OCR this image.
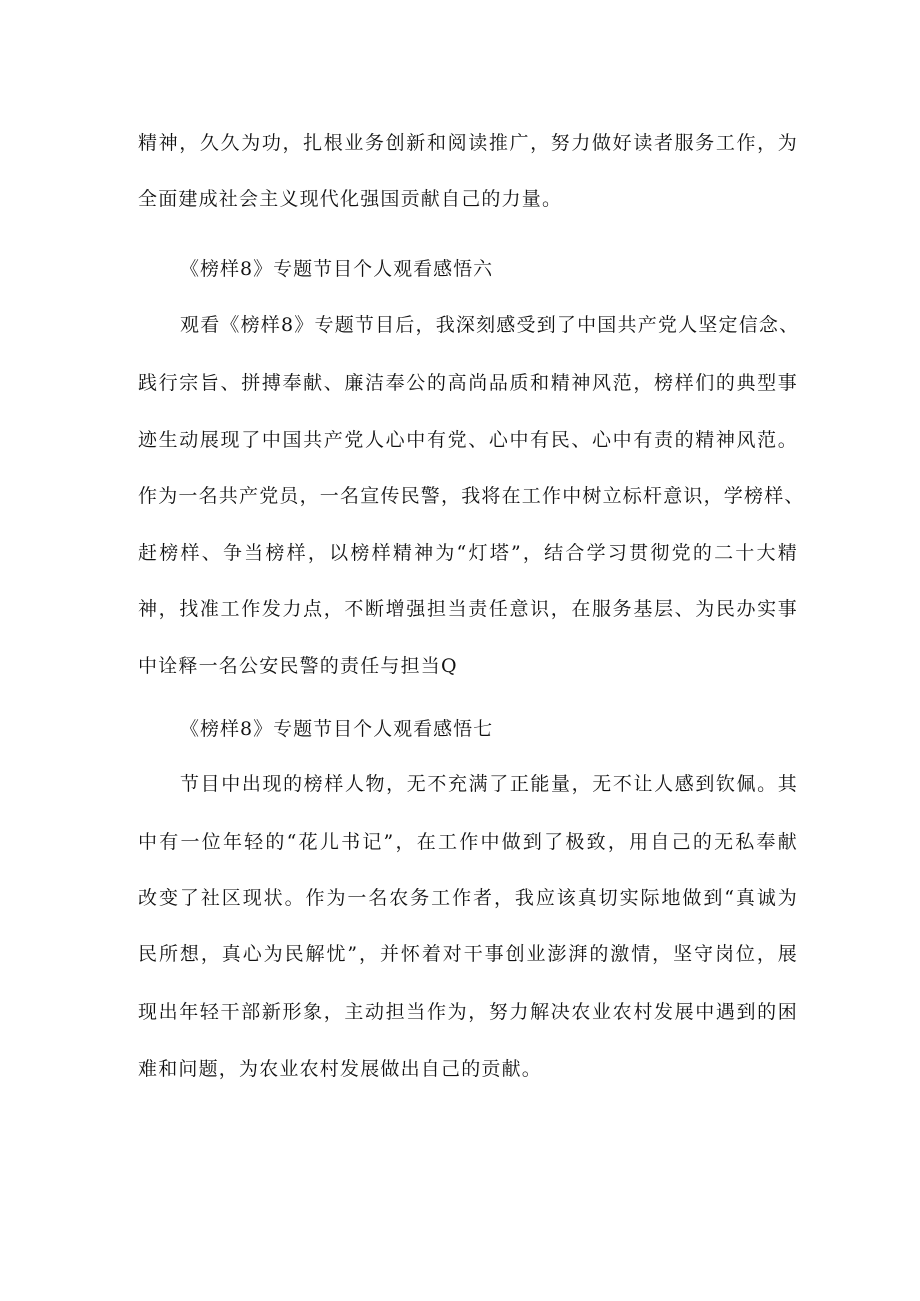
精神，久久为功，扎根业务创新和阅读推广，努力做好读者服务工作，为
全面建成社会主义现代化强国贡献自己的力量。
《榜样8》专题节目个人观看感悟六
观看《榜样8》专题节目后，我深刻感受到了中国共产党人坚定信念、
践行宗旨、拼搏奉献、廉洁奉公的高尚品质和精神风范，榜样们的典型事
迹生动展现了中国共产党人心中有党、心中有民、心中有责的精神风范。
作为一名共产党员，一名宣传民警，我将在工作中树立标杆意识，学榜样、
赶榜样、争当榜样，以榜样精神为“灯塔”，结合学习贯彻党的二十大精
神，找准工作发力点，不断增强担当责任意识，在服务基层、为民办实事
中诠释一名公安民警的责任与担当Q
《榜样8》专题节目个人观看感悟七
节目中出现的榜样人物，无不充满了正能量，无不让人感到钦佩。其
中有一位年轻的“花儿书记”，在工作中做到了极致，用自己的无私奉献
改变了社区现状。作为一名农务工作者，我应该真切实际地做到“真诚为
民所想，真心为民解忧”，并怀着对干事创业澎湃的激情，坚守岗位，展
现出年轻干部新形象，主动担当作为，努力解决农业农村发展中遇到的困
难和问题，为农业农村发展做出自己的贡献。
